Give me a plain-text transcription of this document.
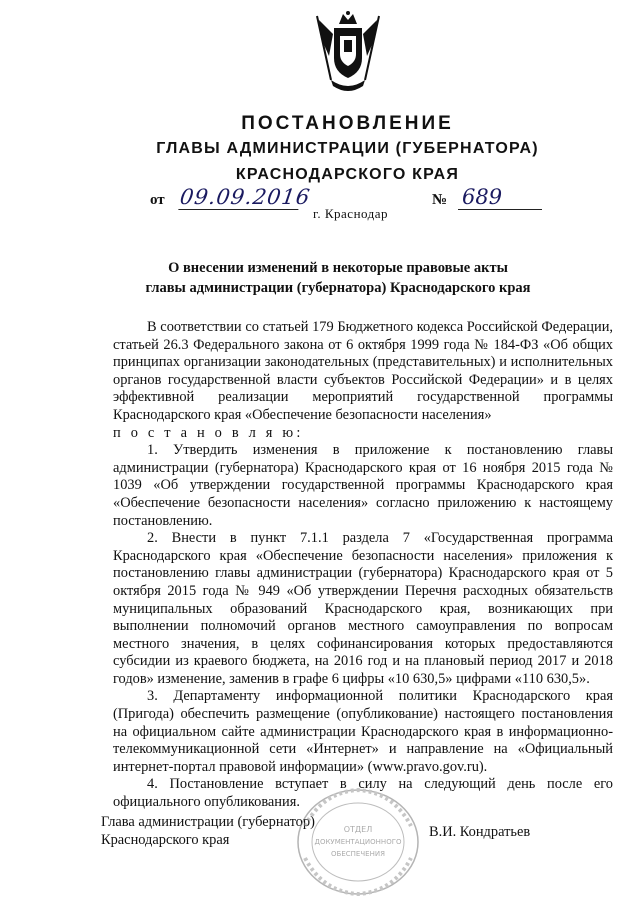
ПОСТАНОВЛЕНИЕ
ГЛАВЫ АДМИНИСТРАЦИИ (ГУБЕРНАТОРА)
КРАСНОДАРСКОГО КРАЯ
от 09.09.2016	№ 689
г. Краснодар
О внесении изменений в некоторые правовые акты
главы администрации (губернатора) Краснодарского края

В соответствии со статьей 179 Бюджетного кодекса Российской Федерации, статьей 26.3 Федерального закона от 6 октября 1999 года № 184-ФЗ «Об общих принципах организации законодательных (представительных) и исполнительных органов государственной власти субъектов Российской Федерации» и в целях эффективной реализации мероприятий государственной программы Краснодарского края «Обеспечение безопасности населения»

п о с т а н о в л я ю:

1. Утвердить изменения в приложение к постановлению главы администрации (губернатора) Краснодарского края от 16 ноября 2015 года № 1039 «Об утверждении государственной программы Краснодарского края «Обеспечение безопасности населения» согласно приложению к настоящему постановлению.

2. Внести в пункт 7.1.1 раздела 7 «Государственная программа Краснодарского края «Обеспечение безопасности населения» приложения к постановлению главы администрации (губернатора) Краснодарского края от 5 октября 2015 года № 949 «Об утверждении Перечня расходных обязательств муниципальных образований Краснодарского края, возникающих при выполнении полномочий органов местного самоуправления по вопросам местного значения, в целях софинансирования которых предоставляются субсидии из краевого бюджета, на 2016 год и на плановый период 2017 и 2018 годов» изменение, заменив в графе 6 цифры «10 630,5» цифрами «110 630,5».

3. Департаменту информационной политики Краснодарского края (Пригода) обеспечить размещение (опубликование) настоящего постановления на официальном сайте администрации Краснодарского края в информационно-телекоммуникационной сети «Интернет» и направление на «Официальный интернет-портал правовой информации» (www.pravo.gov.ru).

4. Постановление вступает в силу на следующий день после его официального опубликования.

Глава администрации (губернатор)
Краснодарского края	В.И. Кондратьев
ОТДЕЛ
ДОКУМЕНТАЦИОННОГО
ОБЕСПЕЧЕНИЯ
